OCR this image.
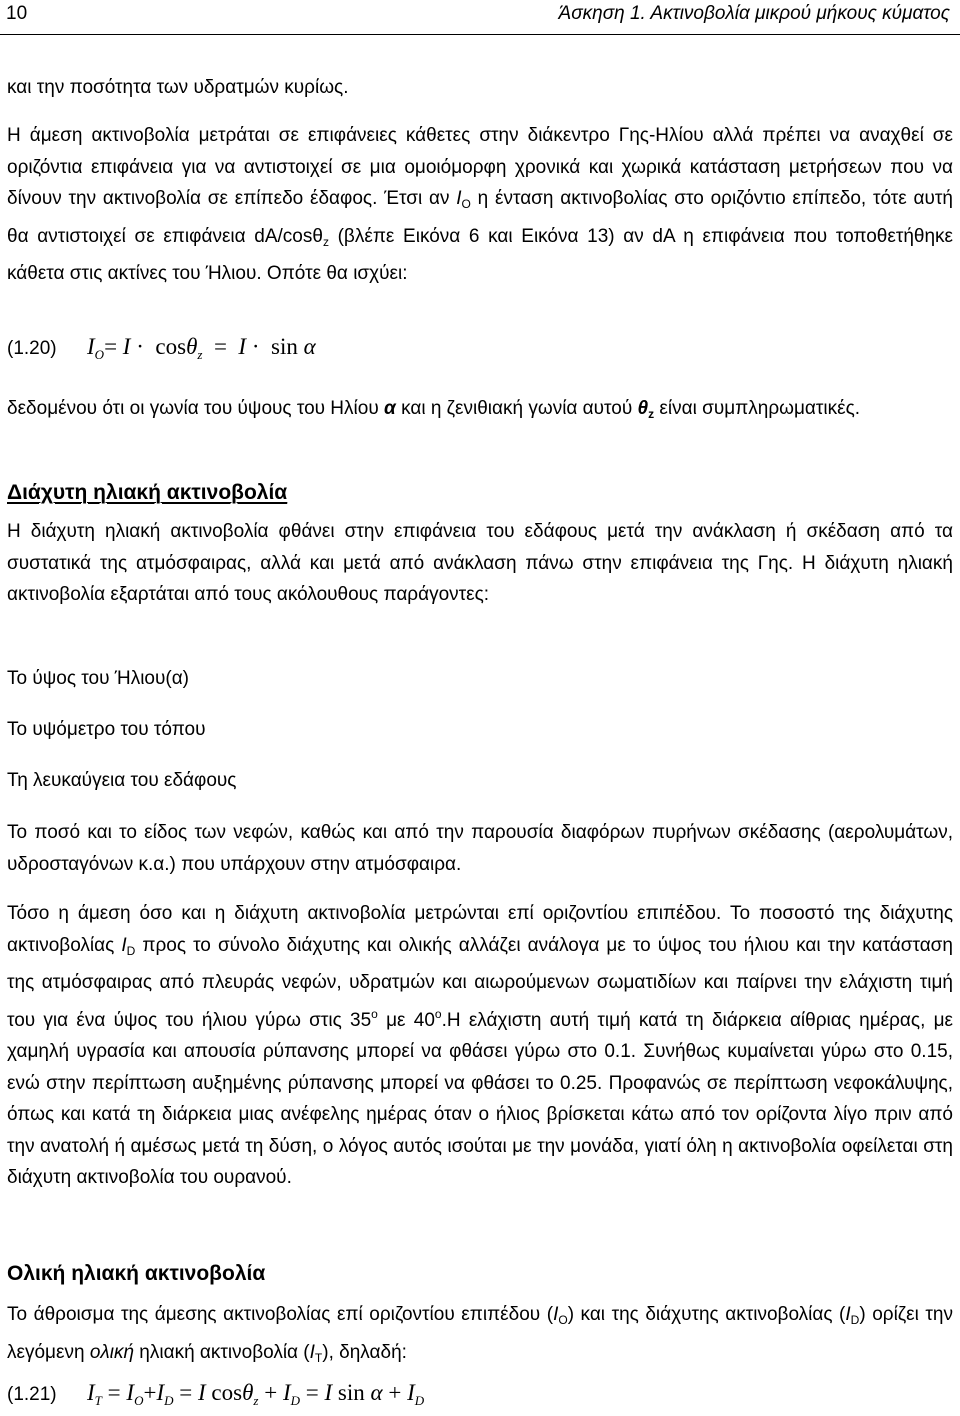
10	Άσκηση 1. Ακτινοβολία μικρού μήκους κύματος

και την ποσότητα των υδρατμών κυρίως.

Η άμεση ακτινοβολία μετράται σε επιφάνειες κάθετες στην διάκεντρο Γης-Ηλίου αλλά πρέπει να αναχθεί σε οριζόντια επιφάνεια για να αντιστοιχεί σε μια ομοιόμορφη χρονικά και χωρικά κατάσταση μετρήσεων που να δίνουν την ακτινοβολία σε επίπεδο έδαφος. Έτσι αν $I_O$ η ένταση ακτινοβολίας στο οριζόντιο επίπεδο, τότε αυτή θα αντιστοιχεί σε επιφάνεια dA/cosθ$_z$ (βλέπε Εικόνα 6 και Εικόνα 13) αν dA η επιφάνεια που τοποθετήθηκε κάθετα στις ακτίνες του Ήλιου. Οπότε θα ισχύει:

(1.20) $I_O= I \cdot \cos\theta_z = I \cdot \sin \alpha$

δεδομένου ότι οι γωνία του ύψους του Ηλίου α και η ζενιθιακή γωνία αυτού $\theta_z$ είναι συμπληρωματικές.

Διάχυτη ηλιακή ακτινοβολία

Η διάχυτη ηλιακή ακτινοβολία φθάνει στην επιφάνεια του εδάφους μετά την ανάκλαση ή σκέδαση από τα συστατικά της ατμόσφαιρας, αλλά και μετά από ανάκλαση πάνω στην επιφάνεια της Γης. Η διάχυτη ηλιακή ακτινοβολία εξαρτάται από τους ακόλουθους παράγοντες:

Το ύψος του Ήλιου(α)

Το υψόμετρο του τόπου

Τη λευκαύγεια του εδάφους

Το ποσό και το είδος των νεφών, καθώς και από την παρουσία διαφόρων πυρήνων σκέδασης (αερολυμάτων, υδροσταγόνων κ.α.) που υπάρχουν στην ατμόσφαιρα.

Τόσο η άμεση όσο και η διάχυτη ακτινοβολία μετρώνται επί οριζοντίου επιπέδου. Το ποσοστό της διάχυτης ακτινοβολίας $I_D$ προς το σύνολο διάχυτης και ολικής αλλάζει ανάλογα με το ύψος του ήλιου και την κατάσταση της ατμόσφαιρας από πλευράς νεφών, υδρατμών και αιωρούμενων σωματιδίων και παίρνει την ελάχιστη τιμή του για ένα ύψος του ήλιου γύρω στις $35^o$ με $40^o.H$ ελάχιστη αυτή τιμή κατά τη διάρκεια αίθριας ημέρας, με χαμηλή υγρασία και απουσία ρύπανσης μπορεί να φθάσει γύρω στο 0.1. Συνήθως κυμαίνεται γύρω στο 0.15, ενώ στην περίπτωση αυξημένης ρύπανσης μπορεί να φθάσει το 0.25. Προφανώς σε περίπτωση νεφοκάλυψης, όπως και κατά τη διάρκεια μιας ανέφελης ημέρας όταν ο ήλιος βρίσκεται κάτω από τον ορίζοντα λίγο πριν από την ανατολή ή αμέσως μετά τη δύση, ο λόγος αυτός ισούται με την μονάδα, γιατί όλη η ακτινοβολία οφείλεται στη διάχυτη ακτινοβολία του ουρανού.

Ολική ηλιακή ακτινοβολία

Το άθροισμα της άμεσης ακτινοβολίας επί οριζοντίου επιπέδου $(I_O)$ και της διάχυτης ακτινοβολίας $(I_D)$ ορίζει την λεγόμενη ολική ηλιακή ακτινοβολία $(I_T)$, δηλαδή:

(1.21) $I_T = I_O+I_D = I$ $\cos\theta_z + I_D = I$ $\sin \alpha + I_D$
